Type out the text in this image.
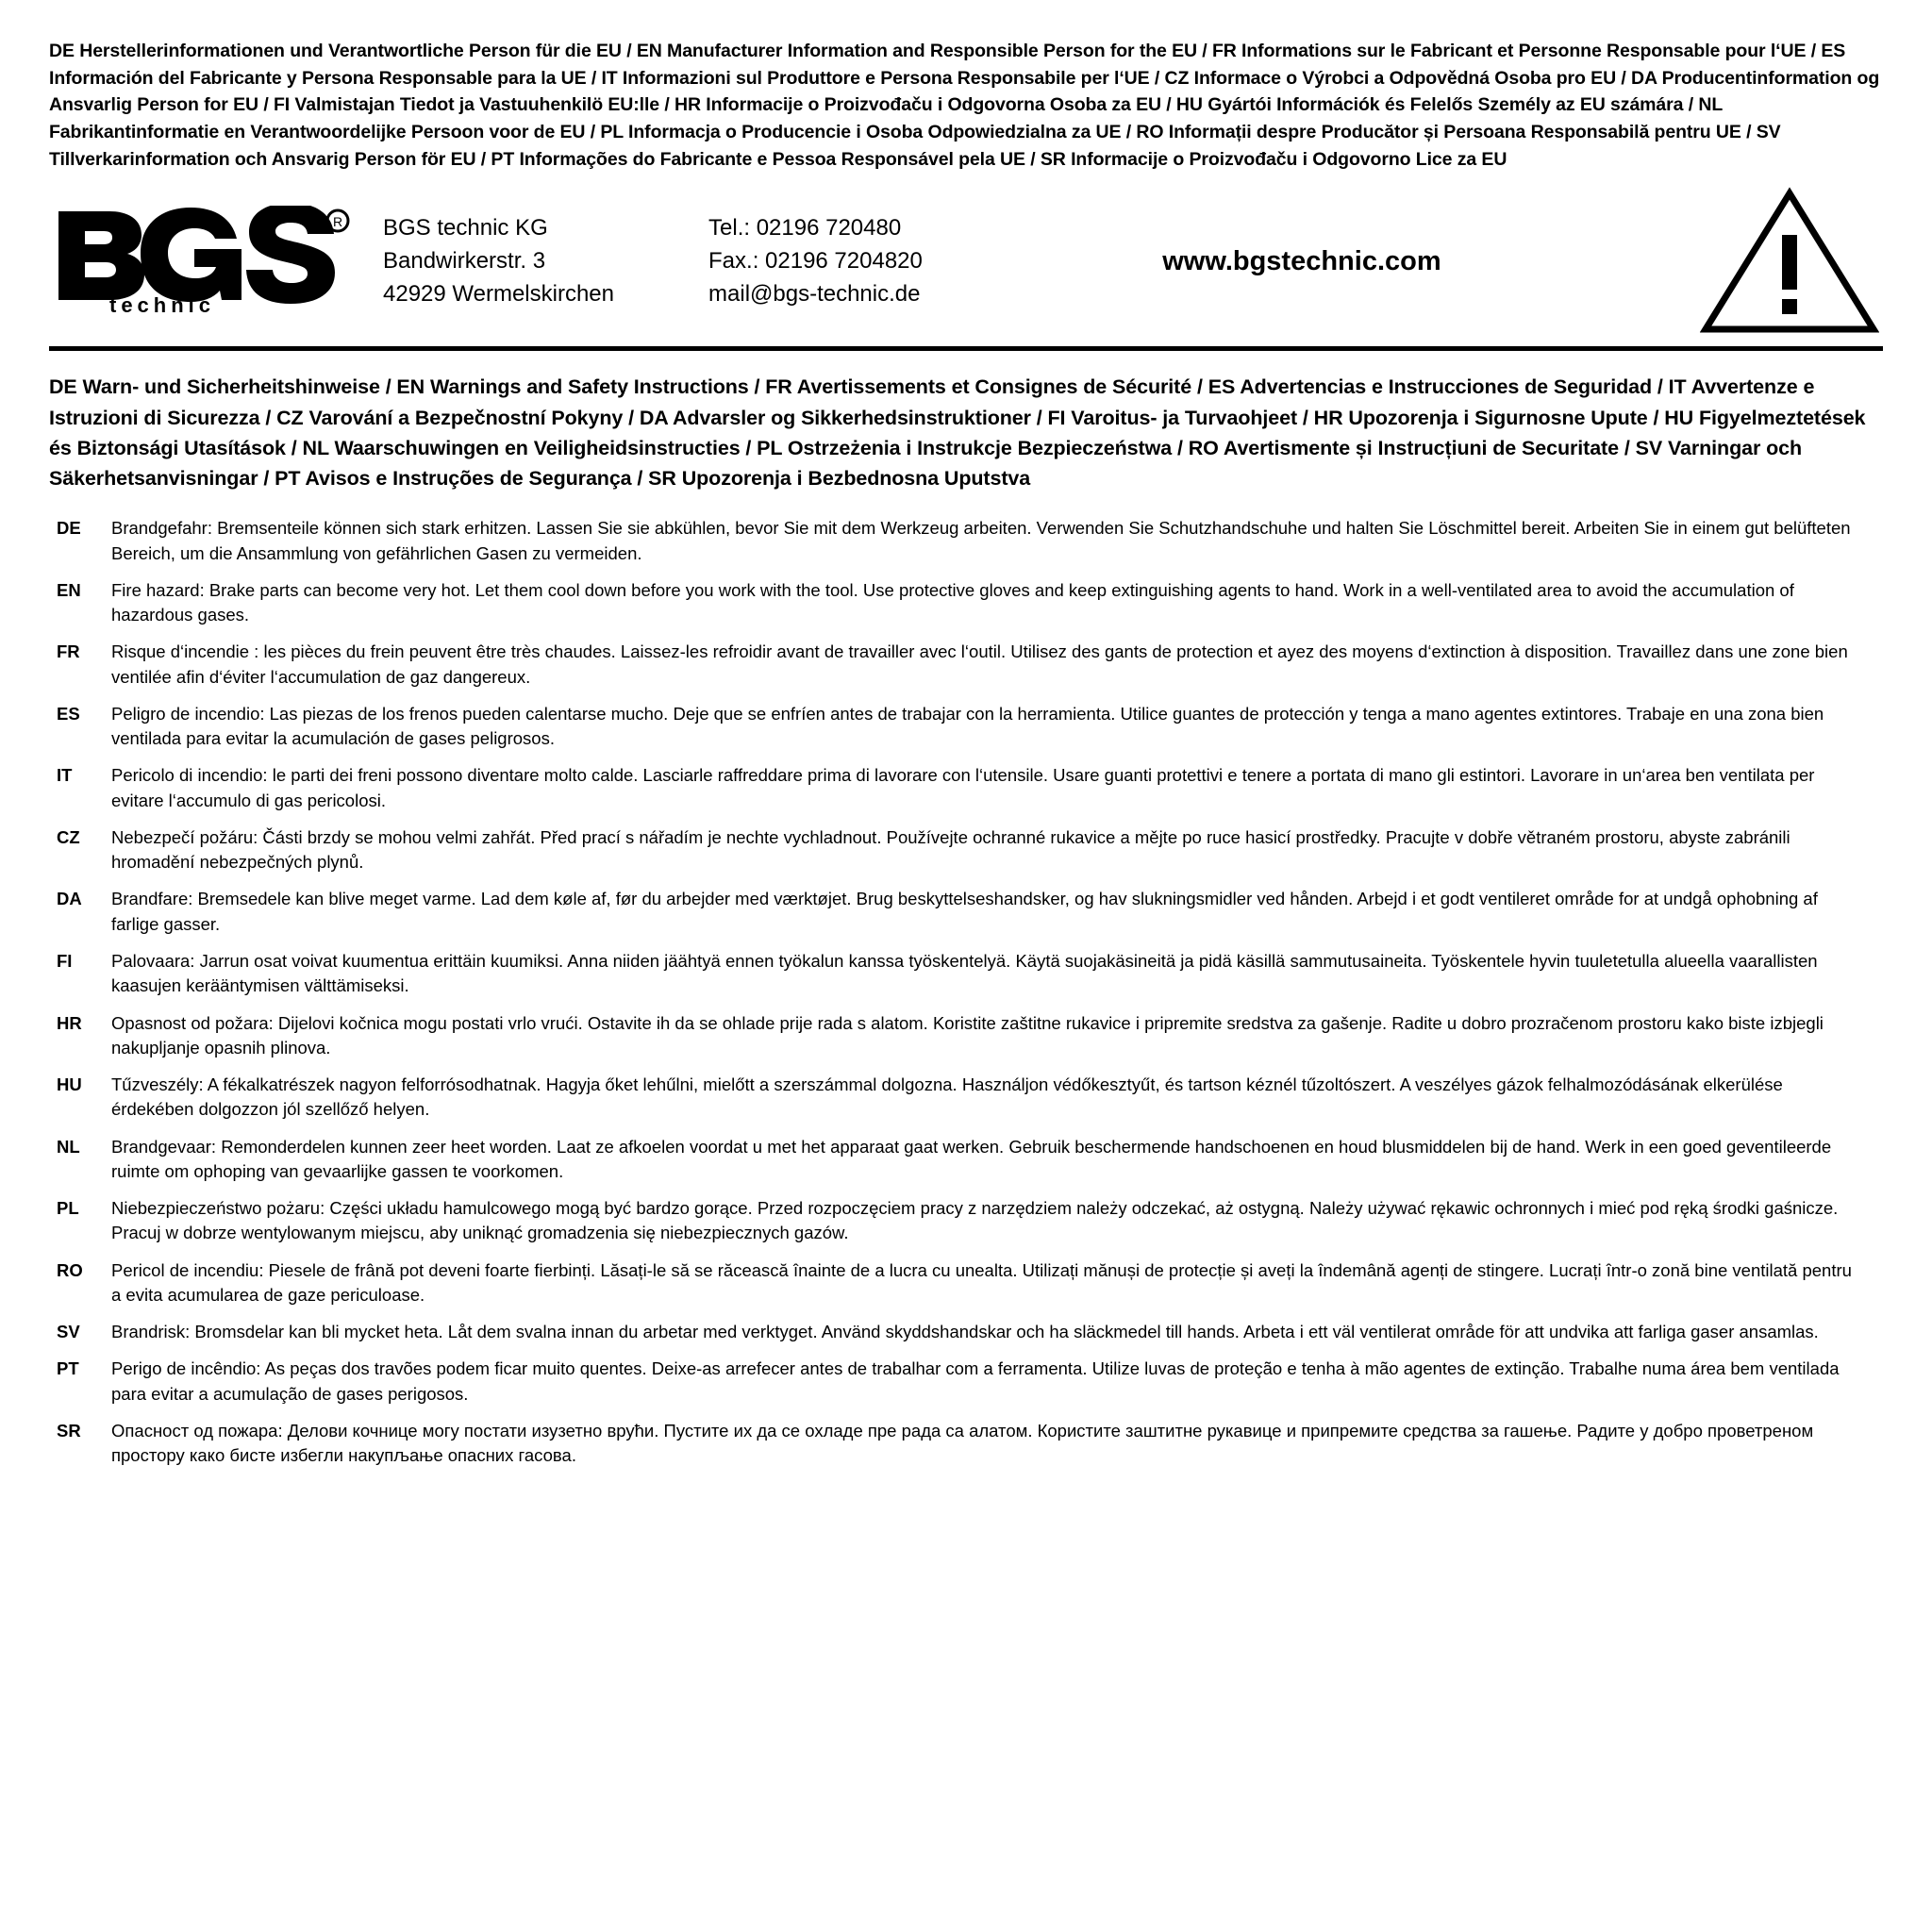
DE Herstellerinformationen und Verantwortliche Person für die EU / EN Manufacturer Information and Responsible Person for the EU / FR Informations sur le Fabricant et Personne Responsable pour l‘UE / ES Información del Fabricante y Persona Responsable para la UE / IT Informazioni sul Produttore e Persona Responsabile per l‘UE / CZ Informace o Výrobci a Odpovědná Osoba pro EU / DA Producentinformation og Ansvarlig Person for EU / FI Valmistajan Tiedot ja Vastuuhenkilö EU:lle / HR Informacije o Proizvođaču i Odgovorna Osoba za EU / HU Gyártói Információk és Felelős Személy az EU számára / NL Fabrikantinformatie en Verantwoordelijke Persoon voor de EU / PL Informacja o Producencie i Osoba Odpowiedzialna za UE / RO Informații despre Producător și Persoana Responsabilă pentru UE / SV Tillverkarinformation och Ansvarig Person för EU / PT Informações do Fabricante e Pessoa Responsável pela UE / SR Informacije o Proizvođaču i Odgovorno Lice za EU
R
technic
BGS technic KG
Bandwirkerstr. 3
42929 Wermelskirchen
Tel.: 02196 720480
Fax.: 02196 7204820
mail@bgs-technic.de
www.bgstechnic.com
DE Warn- und Sicherheitshinweise / EN Warnings and Safety Instructions / FR Avertissements et Consignes de Sécurité / ES Advertencias e Instrucciones de Seguridad / IT Avvertenze e Istruzioni di Sicurezza / CZ Varování a Bezpečnostní Pokyny / DA Advarsler og Sikkerhedsinstruktioner / FI Varoitus- ja Turvaohjeet / HR Upozorenja i Sigurnosne Upute / HU Figyelmeztetések és Biztonsági Utasítások / NL Waarschuwingen en Veiligheidsinstructies / PL Ostrzeżenia i Instrukcje Bezpieczeństwa / RO Avertismente și Instrucțiuni de Securitate / SV Varningar och Säkerhetsanvisningar / PT Avisos e Instruções de Segurança / SR Upozorenja i Bezbednosna Uputstva
DE	Brandgefahr: Bremsenteile können sich stark erhitzen. Lassen Sie sie abkühlen, bevor Sie mit dem Werkzeug arbeiten. Verwenden Sie Schutzhandschuhe und halten Sie Löschmittel bereit. Arbeiten Sie in einem gut belüfteten Bereich, um die Ansammlung von gefährlichen Gasen zu vermeiden.
EN	Fire hazard: Brake parts can become very hot. Let them cool down before you work with the tool. Use protective gloves and keep extinguishing agents to hand. Work in a well-ventilated area to avoid the accumulation of hazardous gases.
FR	Risque d‘incendie : les pièces du frein peuvent être très chaudes. Laissez-les refroidir avant de travailler avec l‘outil. Utilisez des gants de protection et ayez des moyens d‘extinction à disposition. Travaillez dans une zone bien ventilée afin d‘éviter l‘accumulation de gaz dangereux.
ES	Peligro de incendio: Las piezas de los frenos pueden calentarse mucho. Deje que se enfríen antes de trabajar con la herramienta. Utilice guantes de protección y tenga a mano agentes extintores. Trabaje en una zona bien ventilada para evitar la acumulación de gases peligrosos.
IT	Pericolo di incendio: le parti dei freni possono diventare molto calde. Lasciarle raffreddare prima di lavorare con l‘utensile. Usare guanti protettivi e tenere a portata di mano gli estintori. Lavorare in un‘area ben ventilata per evitare l‘accumulo di gas pericolosi.
CZ	Nebezpečí požáru: Části brzdy se mohou velmi zahřát. Před prací s nářadím je nechte vychladnout. Používejte ochranné rukavice a mějte po ruce hasicí prostředky. Pracujte v dobře větraném prostoru, abyste zabránili hromadění nebezpečných plynů.
DA	Brandfare: Bremsedele kan blive meget varme. Lad dem køle af, før du arbejder med værktøjet. Brug beskyttelseshandsker, og hav slukningsmidler ved hånden. Arbejd i et godt ventileret område for at undgå ophobning af farlige gasser.
FI	Palovaara: Jarrun osat voivat kuumentua erittäin kuumiksi. Anna niiden jäähtyä ennen työkalun kanssa työskentelyä. Käytä suojakäsineitä ja pidä käsillä sammutusaineita. Työskentele hyvin tuuletetulla alueella vaarallisten kaasujen kerääntymisen välttämiseksi.
HR	Opasnost od požara: Dijelovi kočnica mogu postati vrlo vrući. Ostavite ih da se ohlade prije rada s alatom. Koristite zaštitne rukavice i pripremite sredstva za gašenje. Radite u dobro prozračenom prostoru kako biste izbjegli nakupljanje opasnih plinova.
HU	Tűzveszély: A fékalkatrészek nagyon felforrósodhatnak. Hagyja őket lehűlni, mielőtt a szerszámmal dolgozna. Használjon védőkesztyűt, és tartson kéznél tűzoltószert. A veszélyes gázok felhalmozódásának elkerülése érdekében dolgozzon jól szellőző helyen.
NL	Brandgevaar: Remonderdelen kunnen zeer heet worden. Laat ze afkoelen voordat u met het apparaat gaat werken. Gebruik beschermende handschoenen en houd blusmiddelen bij de hand. Werk in een goed geventileerde ruimte om ophoping van gevaarlijke gassen te voorkomen.
PL	Niebezpieczeństwo pożaru: Części układu hamulcowego mogą być bardzo gorące. Przed rozpoczęciem pracy z narzędziem należy odczekać, aż ostygną. Należy używać rękawic ochronnych i mieć pod ręką środki gaśnicze. Pracuj w dobrze wentylowanym miejscu, aby uniknąć gromadzenia się niebezpiecznych gazów.
RO	Pericol de incendiu: Piesele de frână pot deveni foarte fierbinți. Lăsați-le să se răcească înainte de a lucra cu unealta. Utilizați mănuși de protecție și aveți la îndemână agenți de stingere. Lucrați într-o zonă bine ventilată pentru a evita acumularea de gaze periculoase.
SV	Brandrisk: Bromsdelar kan bli mycket heta. Låt dem svalna innan du arbetar med verktyget. Använd skyddshandskar och ha släckmedel till hands. Arbeta i ett väl ventilerat område för att undvika att farliga gaser ansamlas.
PT	Perigo de incêndio: As peças dos travões podem ficar muito quentes. Deixe-as arrefecer antes de trabalhar com a ferramenta. Utilize luvas de proteção e tenha à mão agentes de extinção. Trabalhe numa área bem ventilada para evitar a acumulação de gases perigosos.
SR	Опасност од пожара: Делови кочнице могу постати изузетно врући. Пустите их да се охладе пре рада са алатом. Користите заштитне рукавице и припремите средства за гашење. Радите у добро проветреном простору како бисте избегли накупљање опасних гасова.
